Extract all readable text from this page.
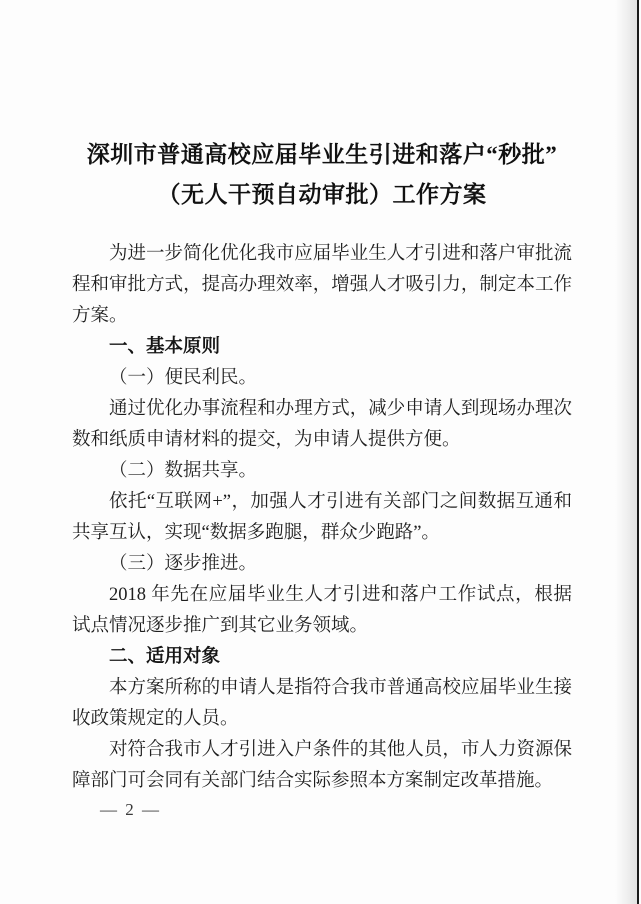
深圳市普通高校应届毕业生引进和落户“秒批”
（无人干预自动审批）工作方案

为进一步简化优化我市应届毕业生人才引进和落户审批流程和审批方式，提高办理效率，增强人才吸引力，制定本工作方案。

一、基本原则

（一）便民利民。

通过优化办事流程和办理方式，减少申请人到现场办理次数和纸质申请材料的提交，为申请人提供方便。

（二）数据共享。

依托“互联网+”，加强人才引进有关部门之间数据互通和共享互认，实现“数据多跑腿，群众少跑路”。

（三）逐步推进。

2018 年先在应届毕业生人才引进和落户工作试点，根据试点情况逐步推广到其它业务领域。

二、适用对象

本方案所称的申请人是指符合我市普通高校应届毕业生接收政策规定的人员。

对符合我市人才引进入户条件的其他人员，市人力资源保障部门可会同有关部门结合实际参照本方案制定改革措施。

— 2 —
